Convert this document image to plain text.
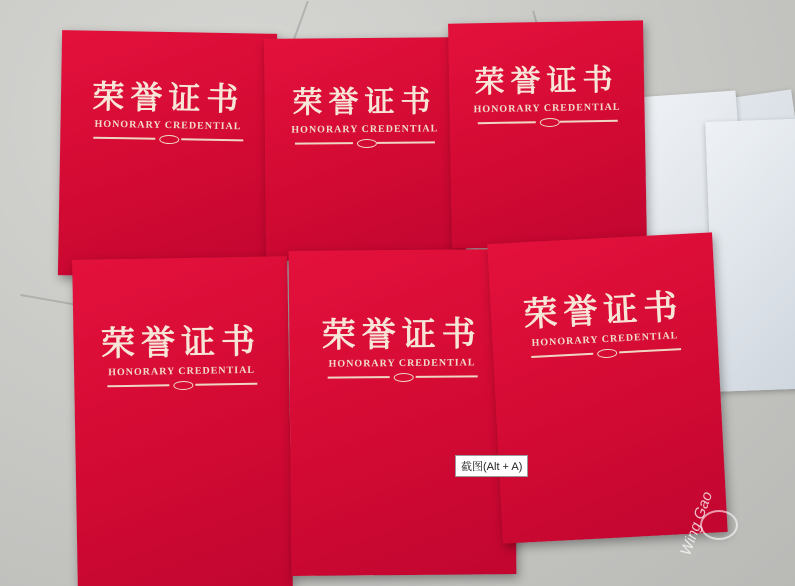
荣誉证书
HONORARY CREDENTIAL
荣誉证书
HONORARY CREDENTIAL
荣誉证书
HONORARY CREDENTIAL
荣誉证书
HONORARY CREDENTIAL
荣誉证书
HONORARY CREDENTIAL
荣誉证书
HONORARY CREDENTIAL
Wing Gao
截图(Alt + A)
